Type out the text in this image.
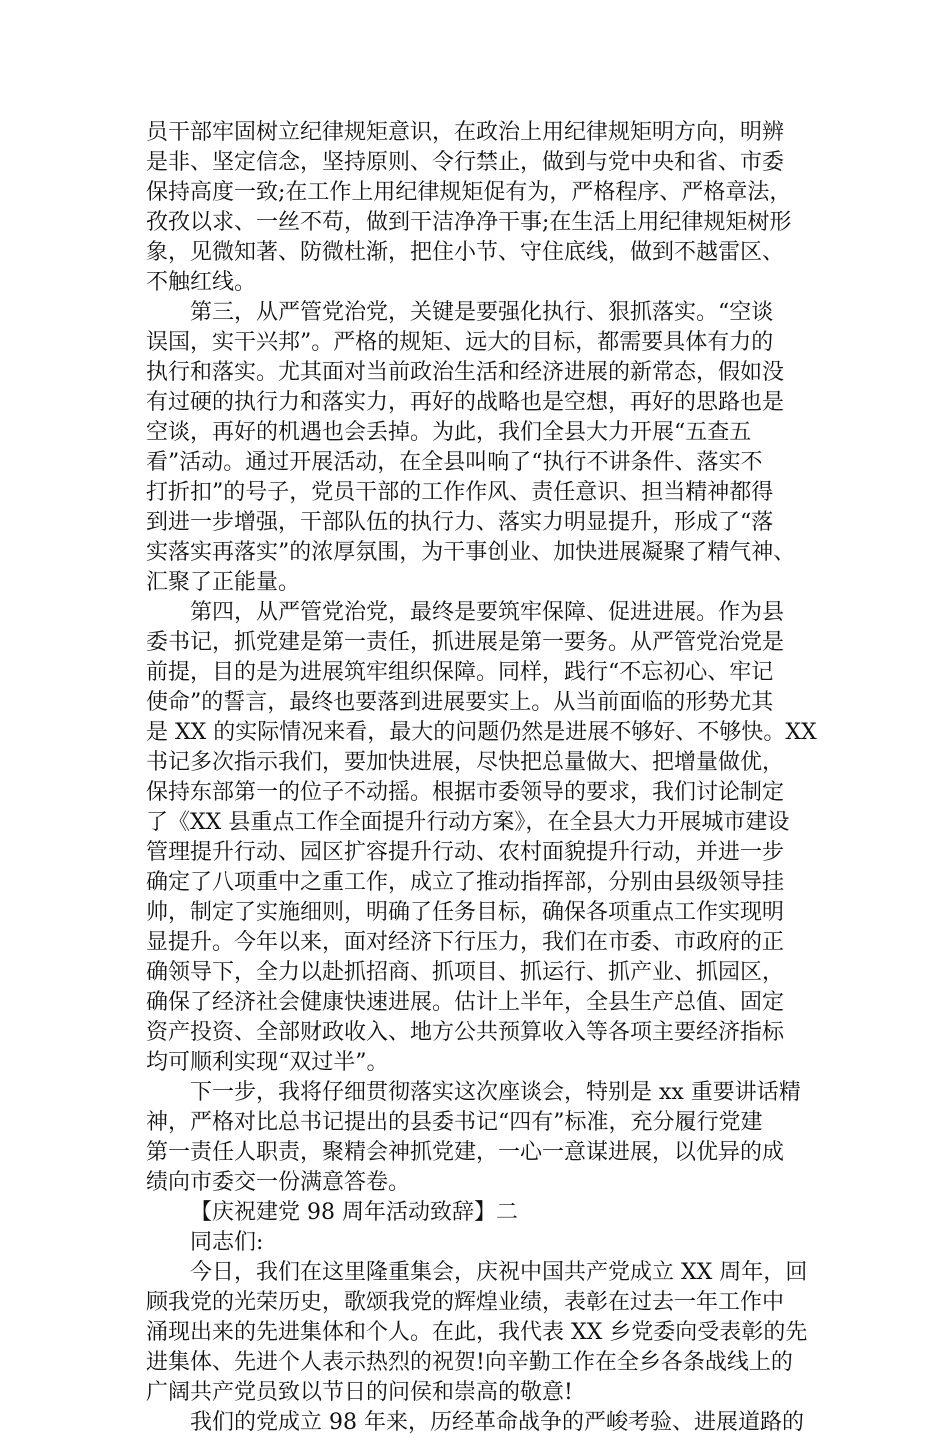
员干部牢固树立纪律规矩意识，在政治上用纪律规矩明方向，明辨
是非、坚定信念，坚持原则、令行禁止，做到与党中央和省、市委
保持高度一致;在工作上用纪律规矩促有为，严格程序、严格章法，
孜孜以求、一丝不苟，做到干洁净净干事;在生活上用纪律规矩树形
象，见微知著、防微杜渐，把住小节、守住底线，做到不越雷区、
不触红线。
第三，从严管党治党，关键是要强化执行、狠抓落实。“空谈
误国，实干兴邦”。严格的规矩、远大的目标，都需要具体有力的
执行和落实。尤其面对当前政治生活和经济进展的新常态，假如没
有过硬的执行力和落实力，再好的战略也是空想，再好的思路也是
空谈，再好的机遇也会丢掉。为此，我们全县大力开展“五查五
看”活动。通过开展活动，在全县叫响了“执行不讲条件、落实不
打折扣”的号子，党员干部的工作作风、责任意识、担当精神都得
到进一步增强，干部队伍的执行力、落实力明显提升，形成了“落
实落实再落实”的浓厚氛围，为干事创业、加快进展凝聚了精气神、
汇聚了正能量。
第四，从严管党治党，最终是要筑牢保障、促进进展。作为县
委书记，抓党建是第一责任，抓进展是第一要务。从严管党治党是
前提，目的是为进展筑牢组织保障。同样，践行“不忘初心、牢记
使命”的誓言，最终也要落到进展要实上。从当前面临的形势尤其
是 XX 的实际情况来看，最大的问题仍然是进展不够好、不够快。XX
书记多次指示我们，要加快进展，尽快把总量做大、把增量做优，
保持东部第一的位子不动摇。根据市委领导的要求，我们讨论制定
了《XX 县重点工作全面提升行动方案》，在全县大力开展城市建设
管理提升行动、园区扩容提升行动、农村面貌提升行动，并进一步
确定了八项重中之重工作，成立了推动指挥部，分别由县级领导挂
帅，制定了实施细则，明确了任务目标，确保各项重点工作实现明
显提升。今年以来，面对经济下行压力，我们在市委、市政府的正
确领导下，全力以赴抓招商、抓项目、抓运行、抓产业、抓园区，
确保了经济社会健康快速进展。估计上半年，全县生产总值、固定
资产投资、全部财政收入、地方公共预算收入等各项主要经济指标
均可顺利实现“双过半”。
下一步，我将仔细贯彻落实这次座谈会，特别是 xx 重要讲话精
神，严格对比总书记提出的县委书记“四有”标准，充分履行党建
第一责任人职责，聚精会神抓党建，一心一意谋进展，以优异的成
绩向市委交一份满意答卷。
【庆祝建党 98 周年活动致辞】二
同志们:
今日，我们在这里隆重集会，庆祝中国共产党成立 XX 周年，回
顾我党的光荣历史，歌颂我党的辉煌业绩，表彰在过去一年工作中
涌现出来的先进集体和个人。在此，我代表 XX 乡党委向受表彰的先
进集体、先进个人表示热烈的祝贺!向辛勤工作在全乡各条战线上的
广阔共产党员致以节日的问侯和崇高的敬意!
我们的党成立 98 年来，历经革命战争的严峻考验、进展道路的
